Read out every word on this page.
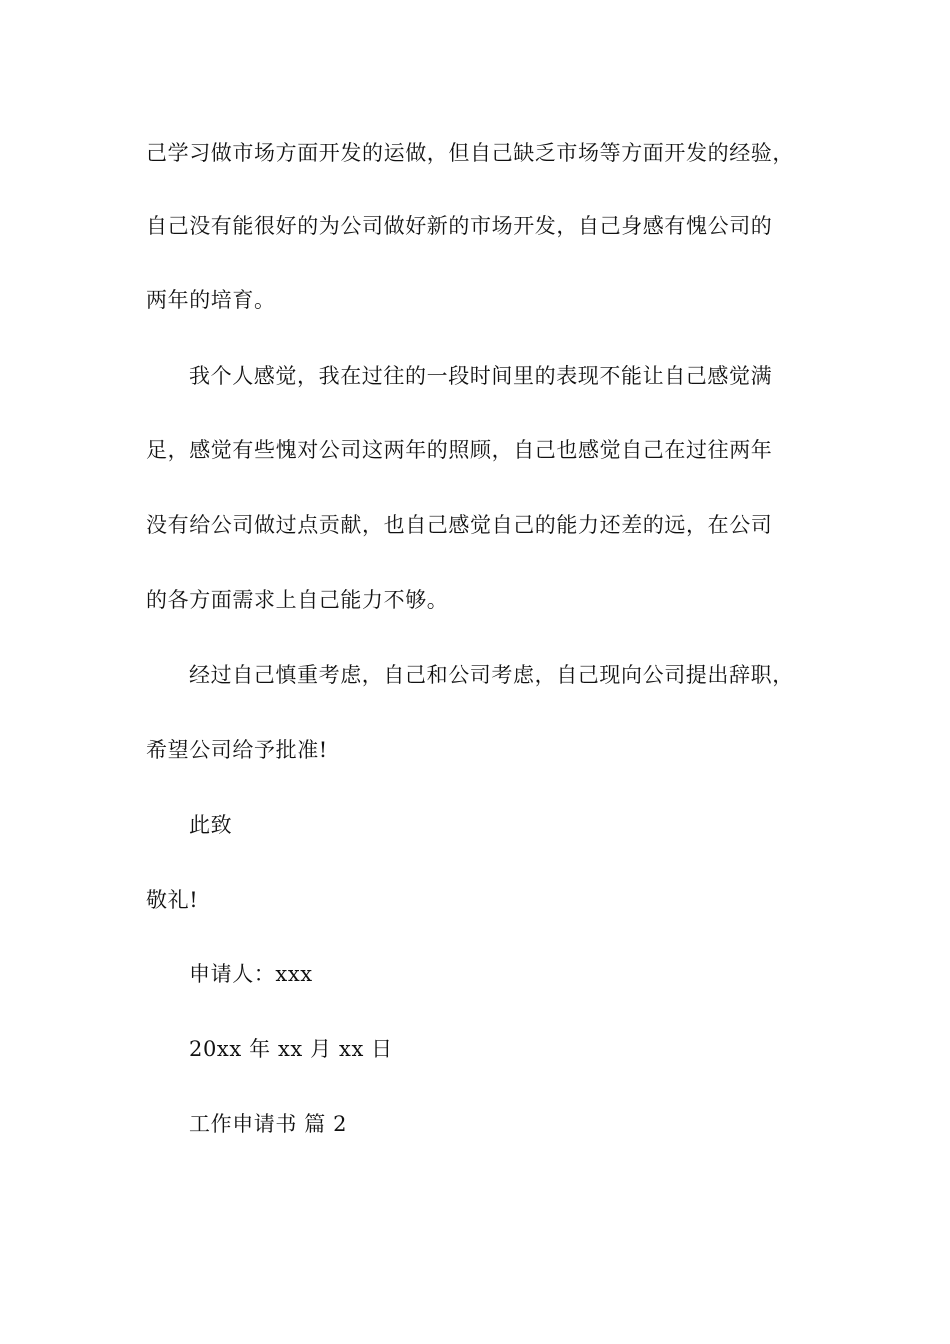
己学习做市场方面开发的运做，但自己缺乏市场等方面开发的经验，
自己没有能很好的为公司做好新的市场开发，自己身感有愧公司的
两年的培育。
我个人感觉，我在过往的一段时间里的表现不能让自己感觉满
足，感觉有些愧对公司这两年的照顾，自己也感觉自己在过往两年
没有给公司做过点贡献，也自己感觉自己的能力还差的远，在公司
的各方面需求上自己能力不够。
经过自己慎重考虑，自己和公司考虑，自己现向公司提出辞职，
希望公司给予批准!
此致
敬礼!
申请人：xxx
20xx 年 xx 月 xx 日
工作申请书 篇 2
